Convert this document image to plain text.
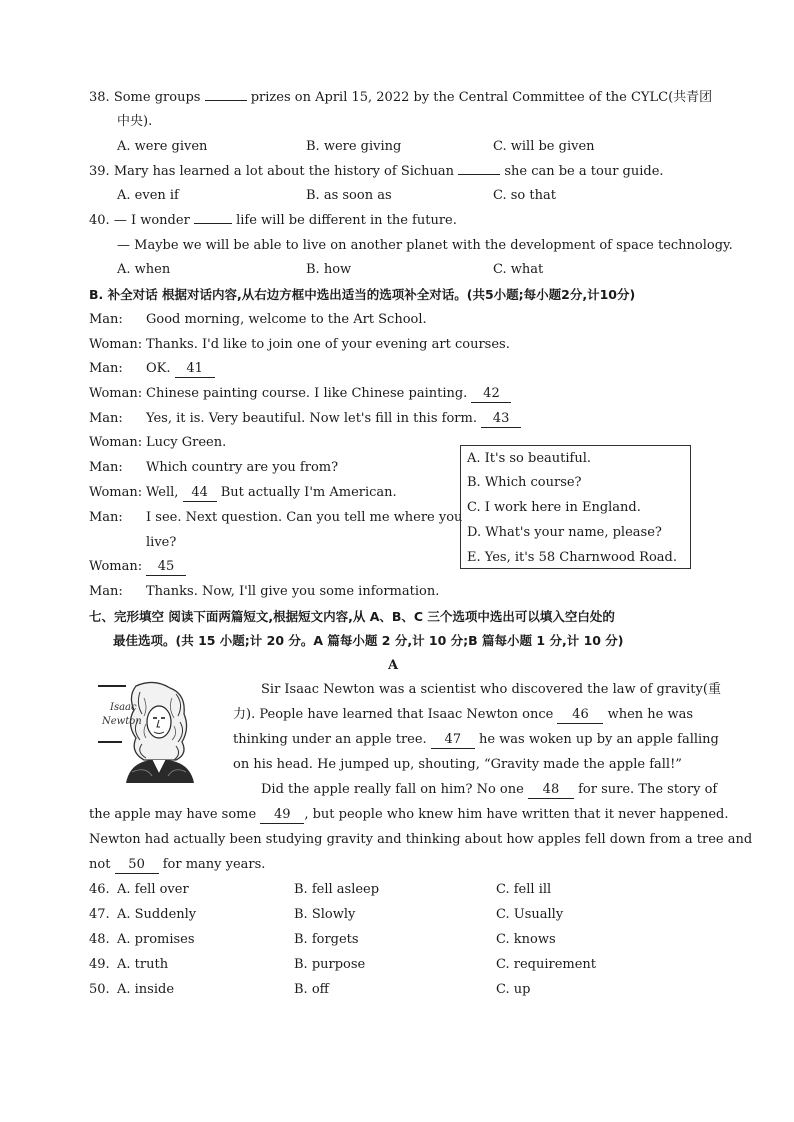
38. Some groups	prizes on April 15, 2022 by the Central Committee of the CYLC(共青团
中央).
A. were given	B. were giving	C. will be given
39. Mary has learned a lot about the history of Sichuan	she can be a tour guide.
A. even if	B. as soon as	C. so that
40. — I wonder	life will be different in the future.
— Maybe we will be able to live on another planet with the development of space technology.
A. when	B. how	C. what
B. 补全对话 根据对话内容,从右边方框中选出适当的选项补全对话。(共5小题;每小题2分,计10分)
Man: Good morning, welcome to the Art School.
Woman: Thanks. I'd like to join one of your evening art courses.
Man: OK. 41
Woman: Chinese painting course. I like Chinese painting. 42
Man: Yes, it is. Very beautiful. Now let's fill in this form. 43
Woman: Lucy Green.
Man: Which country are you from?
Woman: Well, 44 But actually I'm American.
Man: I see. Next question. Can you tell me where you
live?
Woman:	45
Man: Thanks. Now, I'll give you some information.
A. It's so beautiful.
B. Which course?
C. I work here in England.
D. What's your name, please?
E. Yes, it's 58 Charnwood Road.
七、完形填空 阅读下面两篇短文,根据短文内容,从 A、B、C 三个选项中选出可以填入空白处的
最佳选项。(共 15 小题;计 20 分。A 篇每小题 2 分,计 10 分;B 篇每小题 1 分,计 10 分)
A
Isaac
Newton
Sir Isaac Newton was a scientist who discovered the law of gravity(重
力). People have learned that Isaac Newton once 46 when he was
thinking under an apple tree. 47 he was woken up by an apple falling
on his head. He jumped up, shouting, “Gravity made the apple fall!”
Did the apple really fall on him? No one 48 for sure. The story of
the apple may have some 49 , but people who knew him have written that it never happened.
Newton had actually been studying gravity and thinking about how apples fell down from a tree and
not 50 for many years.
46. A. fell over	B. fell asleep	C. fell ill
47. A. Suddenly	B. Slowly	C. Usually
48. A. promises	B. forgets	C. knows
49. A. truth	B. purpose	C. requirement
50. A. inside	B. off	C. up
